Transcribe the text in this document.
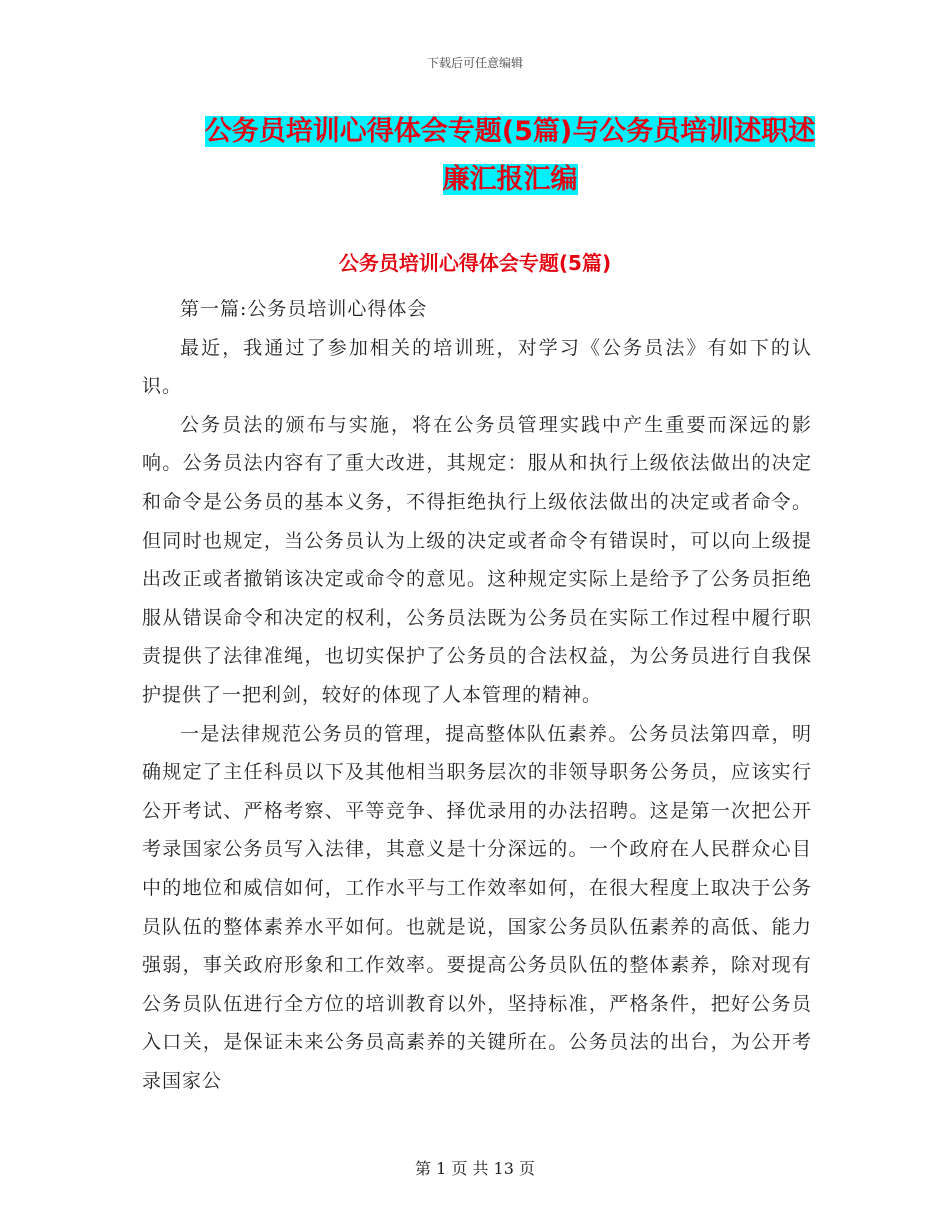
下载后可任意编辑
公务员培训心得体会专题(5篇)与公务员培训述职述
廉汇报汇编
公务员培训心得体会专题(5篇)

第一篇:公务员培训心得体会

最近，我通过了参加相关的培训班，对学习《公务员法》有如下的认识。

公务员法的颁布与实施，将在公务员管理实践中产生重要而深远的影响。公务员法内容有了重大改进，其规定：服从和执行上级依法做出的决定和命令是公务员的基本义务，不得拒绝执行上级依法做出的决定或者命令。但同时也规定，当公务员认为上级的决定或者命令有错误时，可以向上级提出改正或者撤销该决定或命令的意见。这种规定实际上是给予了公务员拒绝服从错误命令和决定的权利，公务员法既为公务员在实际工作过程中履行职责提供了法律准绳，也切实保护了公务员的合法权益，为公务员进行自我保护提供了一把利剑，较好的体现了人本管理的精神。

一是法律规范公务员的管理，提高整体队伍素养。公务员法第四章，明确规定了主任科员以下及其他相当职务层次的非领导职务公务员，应该实行公开考试、严格考察、平等竞争、择优录用的办法招聘。这是第一次把公开考录国家公务员写入法律，其意义是十分深远的。一个政府在人民群众心目中的地位和威信如何，工作水平与工作效率如何，在很大程度上取决于公务员队伍的整体素养水平如何。也就是说，国家公务员队伍素养的高低、能力强弱，事关政府形象和工作效率。要提高公务员队伍的整体素养，除对现有公务员队伍进行全方位的培训教育以外，坚持标准，严格条件，把好公务员入口关，是保证未来公务员高素养的关键所在。公务员法的出台，为公开考录国家公

第 1 页 共 13 页
